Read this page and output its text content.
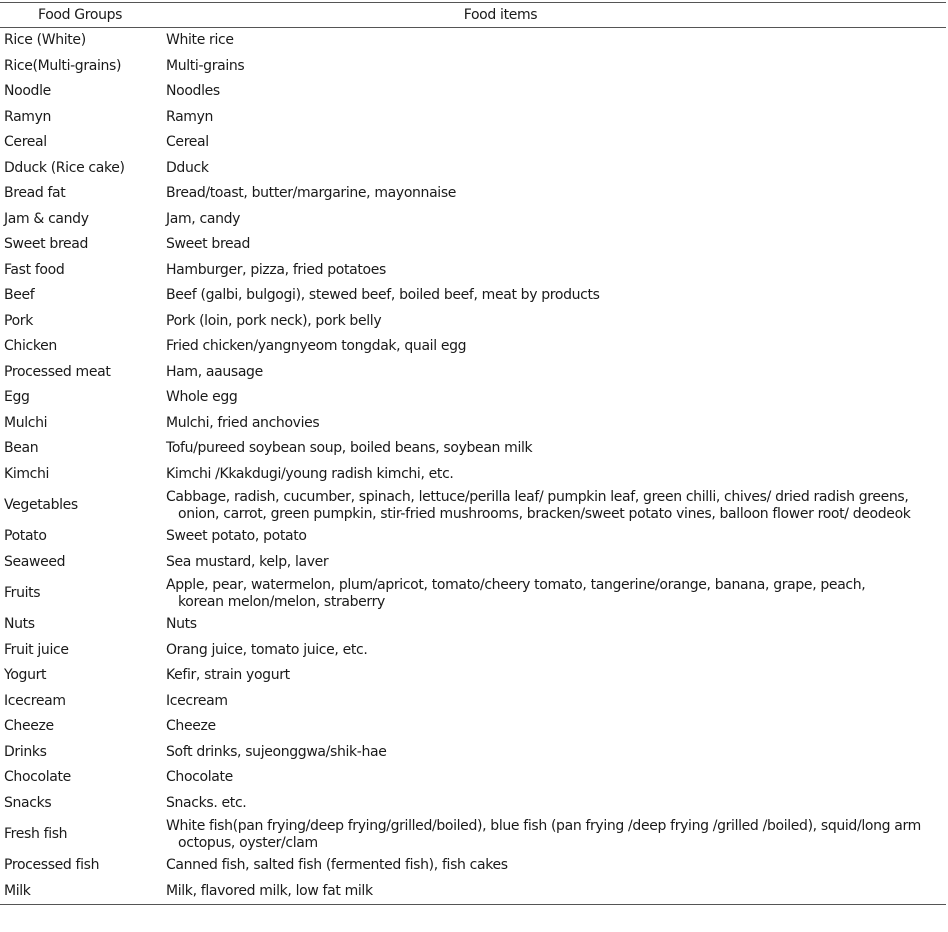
Food Groups	Food items
Rice (White)	White rice
Rice(Multi-grains)	Multi-grains
Noodle	Noodles
Ramyn	Ramyn
Cereal	Cereal
Dduck (Rice cake)	Dduck
Bread fat	Bread/toast, butter/margarine, mayonnaise
Jam & candy	Jam, candy
Sweet bread	Sweet bread
Fast food	Hamburger, pizza, fried potatoes
Beef	Beef (galbi, bulgogi), stewed beef, boiled beef, meat by products
Pork	Pork (loin, pork neck), pork belly
Chicken	Fried chicken/yangnyeom tongdak, quail egg
Processed meat	Ham, aausage
Egg	Whole egg
Mulchi	Mulchi, fried anchovies
Bean	Tofu/pureed soybean soup, boiled beans, soybean milk
Kimchi	Kimchi /Kkakdugi/young radish kimchi, etc.
Vegetables	Cabbage, radish, cucumber, spinach, lettuce/perilla leaf/ pumpkin leaf, green chilli, chives/ dried radish greens,
onion, carrot, green pumpkin, stir-fried mushrooms, bracken/sweet potato vines, balloon flower root/ deodeok

Potato	Sweet potato, potato
Seaweed	Sea mustard, kelp, laver
Fruits	Apple, pear, watermelon, plum/apricot, tomato/cheery tomato, tangerine/orange, banana, grape, peach,
korean melon/melon, straberry

Nuts	Nuts
Fruit juice	Orang juice, tomato juice, etc.
Yogurt	Kefir, strain yogurt
Icecream	Icecream
Cheeze	Cheeze
Drinks	Soft drinks, sujeonggwa/shik-hae
Chocolate	Chocolate
Snacks	Snacks. etc.
Fresh fish	White fish(pan frying/deep frying/grilled/boiled), blue fish (pan frying /deep frying /grilled /boiled), squid/long arm
octopus, oyster/clam

Processed fish	Canned fish, salted fish (fermented fish), fish cakes
Milk	Milk, flavored milk, low fat milk
